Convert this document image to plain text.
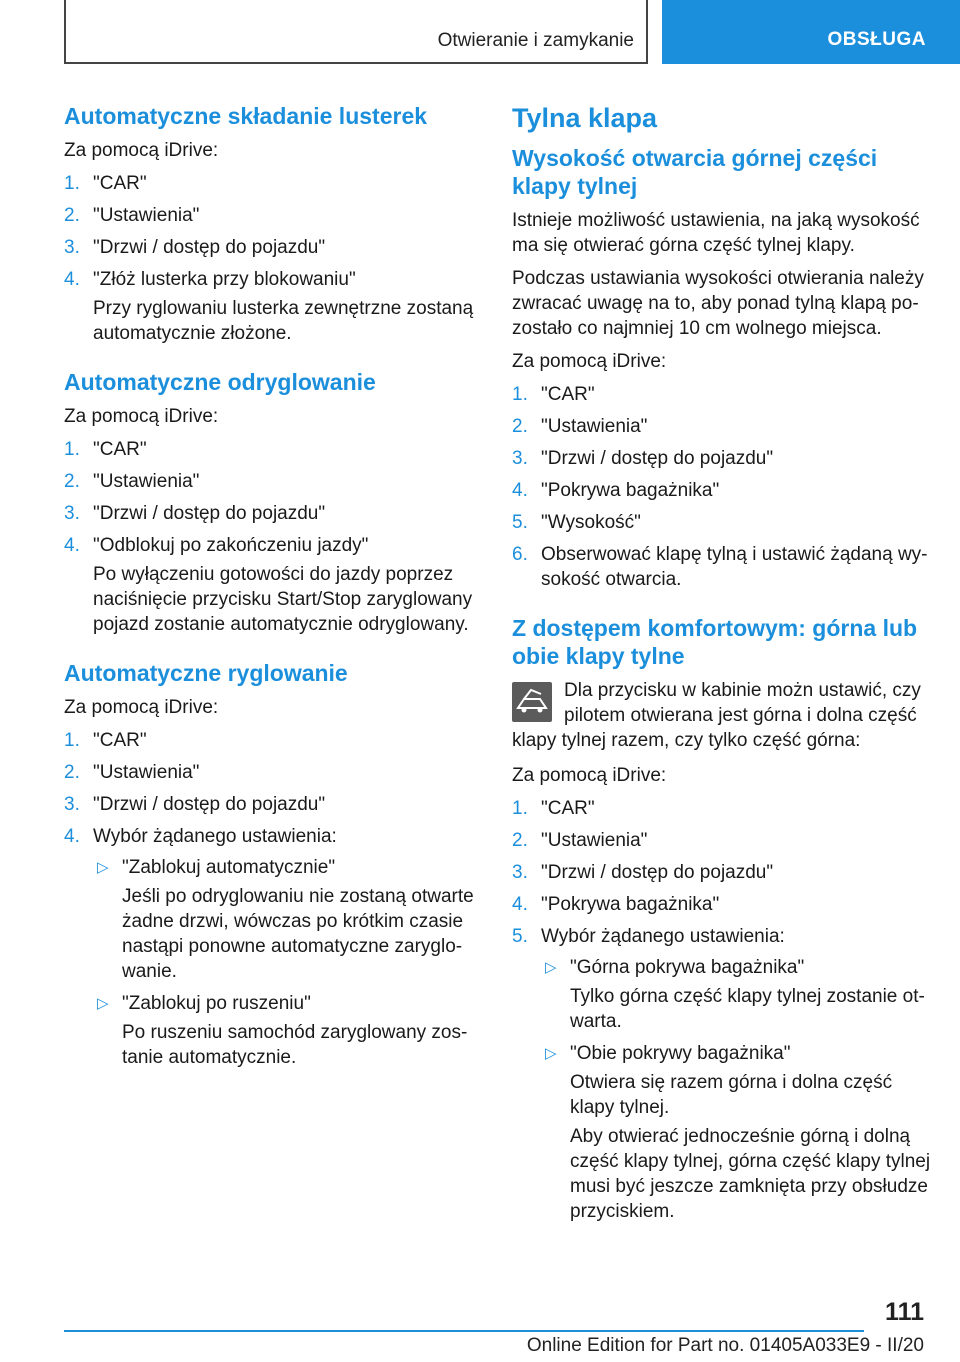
Otwieranie i zamykanie	OBSŁUGA
Automatyczne składanie lusterek

Za pomocą iDrive:

1. "CAR"
2. "Ustawienia"
3. "Drzwi / dostęp do pojazdu"
4. "Złóż lusterka przy blokowaniu"
Przy ryglowaniu lusterka zewnętrzne zostaną automatycznie złożone.
Automatyczne odryglowanie

Za pomocą iDrive:

1. "CAR"
2. "Ustawienia"
3. "Drzwi / dostęp do pojazdu"
4. "Odblokuj po zakończeniu jazdy"
Po wyłączeniu gotowości do jazdy poprzez naciśnięcie przycisku Start/Stop zaryglowany pojazd zostanie automatycznie odryglowany.
Automatyczne ryglowanie

Za pomocą iDrive:

1. "CAR"
2. "Ustawienia"
3. "Drzwi / dostęp do pojazdu"
4. Wybór żądanego ustawienia:
▷ "Zablokuj automatycznie"
Jeśli po odryglowaniu nie zostaną otwarte żadne drzwi, wówczas po krótkim czasie nastąpi ponowne automatyczne zaryglo-wanie.
▷ "Zablokuj po ruszeniu"
Po ruszeniu samochód zaryglowany zos-tanie automatycznie.
Tylna klapa
Wysokość otwarcia górnej części klapy tylnej

Istnieje możliwość ustawienia, na jaką wysokość ma się otwierać górna część tylnej klapy.

Podczas ustawiania wysokości otwierania należy zwracać uwagę na to, aby ponad tylną klapą po-zostało co najmniej 10 cm wolnego miejsca.

Za pomocą iDrive:

1. "CAR"
2. "Ustawienia"
3. "Drzwi / dostęp do pojazdu"
4. "Pokrywa bagażnika"
5. "Wysokość"
6. Obserwować klapę tylną i ustawić żądaną wy-sokość otwarcia.
Z dostępem komfortowym: górna lub obie klapy tylne
Dla przycisku w kabinie możn ustawić, czy pilotem otwierana jest górna i dolna część klapy tylnej razem, czy tylko część górna:

Za pomocą iDrive:

1. "CAR"
2. "Ustawienia"
3. "Drzwi / dostęp do pojazdu"
4. "Pokrywa bagażnika"
5. Wybór żądanego ustawienia:
▷ "Górna pokrywa bagażnika"
Tylko górna część klapy tylnej zostanie ot-warta.
▷ "Obie pokrywy bagażnika"
Otwiera się razem górna i dolna część klapy tylnej.
Aby otwierać jednocześnie górną i dolną część klapy tylnej, górna część klapy tylnej musi być jeszcze zamknięta przy obsłudze przyciskiem.
111
Online Edition for Part no. 01405A033E9 - II/20
